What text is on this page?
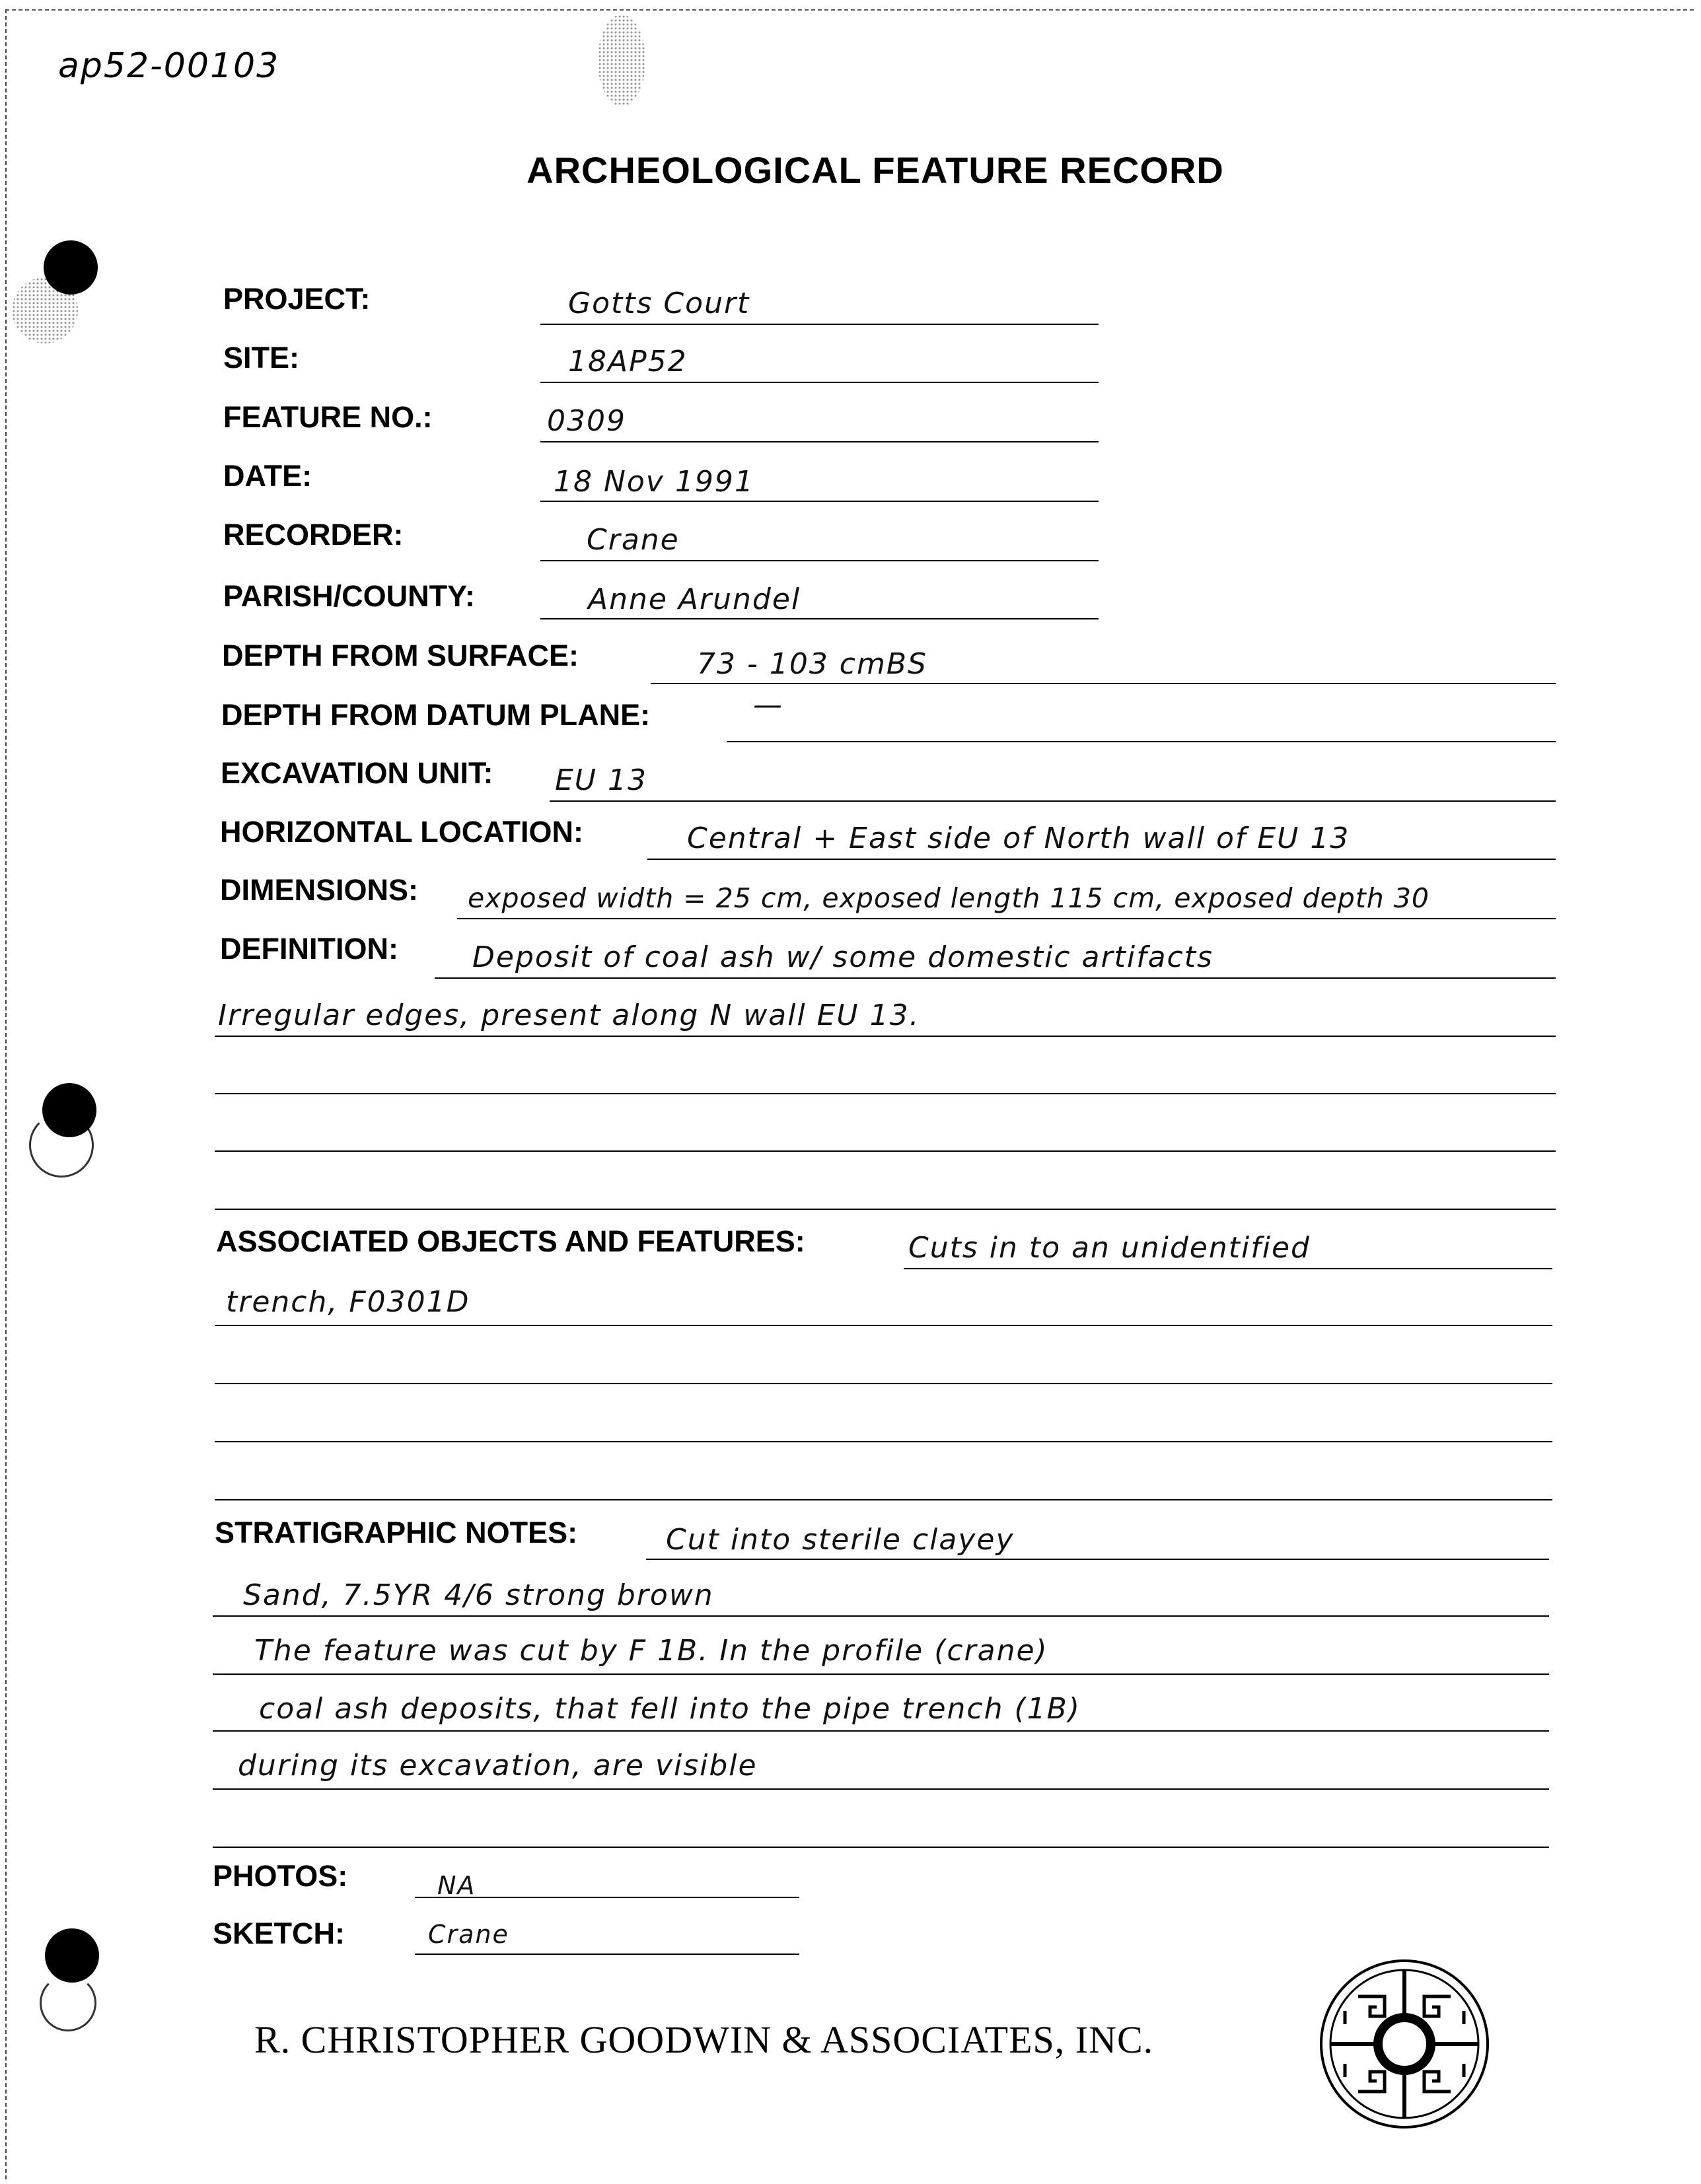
ap52-00103
ARCHEOLOGICAL FEATURE RECORD
PROJECT:	Gotts Court
SITE:	18AP52
FEATURE NO.:	0309
DATE:	18 Nov 1991
RECORDER:	Crane
PARISH/COUNTY:	Anne Arundel
DEPTH FROM SURFACE:	73 - 103 cmBS
DEPTH FROM DATUM PLANE:	—
EXCAVATION UNIT: EU 13
HORIZONTAL LOCATION:	Central + East side of North wall of EU 13
DIMENSIONS: exposed width = 25 cm, exposed length 115 cm, exposed depth 30
DEFINITION:	Deposit of coal ash w/ some domestic artifacts
Irregular edges, present along N wall EU 13.
ASSOCIATED OBJECTS AND FEATURES:	Cuts in to an unidentified
trench, F0301D
STRATIGRAPHIC NOTES:	Cut into sterile clayey
Sand, 7.5YR 4/6 strong brown
The feature was cut by F 1B. In the profile (crane)
coal ash deposits, that fell into the pipe trench (1B)
during its excavation, are visible
PHOTOS:	NA
SKETCH:	Crane
R. CHRISTOPHER GOODWIN & ASSOCIATES, INC.
